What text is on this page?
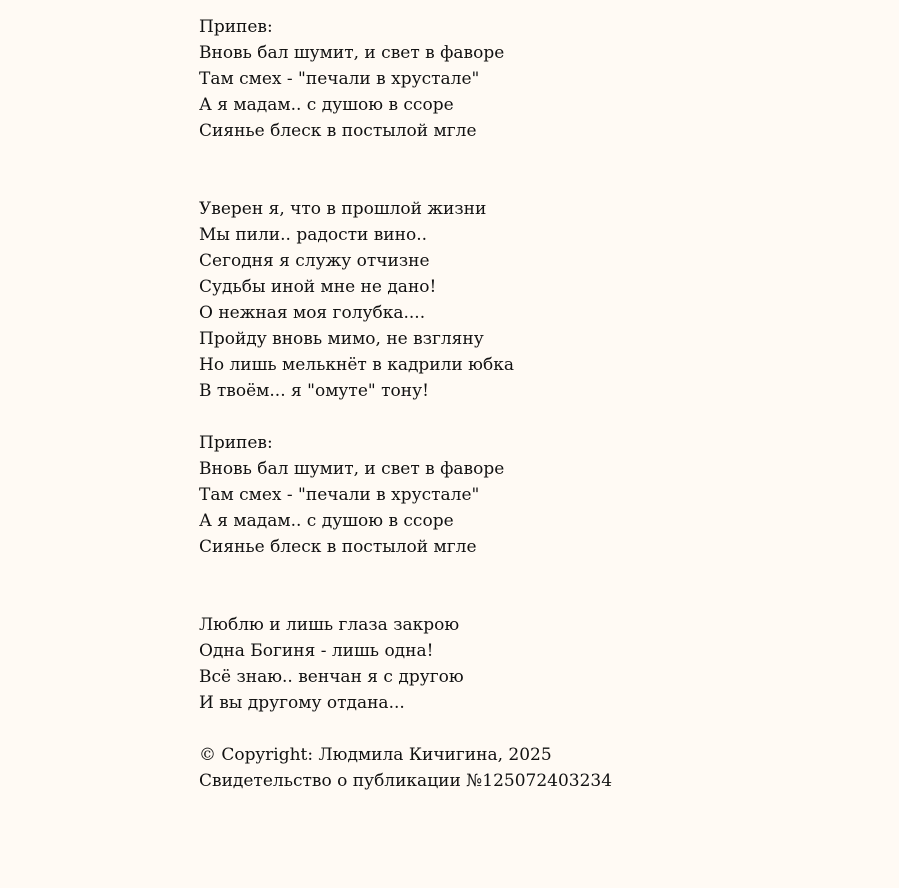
Припев:
Вновь бал шумит, и свет в фаворе
Там смех - "печали в хрустале"
А я мадам.. с душою в ссоре
Сиянье блеск в постылой мгле
Уверен я, что в прошлой жизни
Мы пили.. радости вино..
Сегодня я служу отчизне
Судьбы иной мне не дано!
О нежная моя голубка....
Пройду вновь мимо, не взгляну
Но лишь мелькнёт в кадрили юбка
В твоём... я "омуте" тону!
Припев:
Вновь бал шумит, и свет в фаворе
Там смех - "печали в хрустале"
А я мадам.. с душою в ссоре
Сиянье блеск в постылой мгле
Люблю и лишь глаза закрою
Одна Богиня - лишь одна!
Всё знаю.. венчан я с другою
И вы другому отдана...
© Copyright: Людмила Кичигина, 2025
Свидетельство о публикации №125072403234
